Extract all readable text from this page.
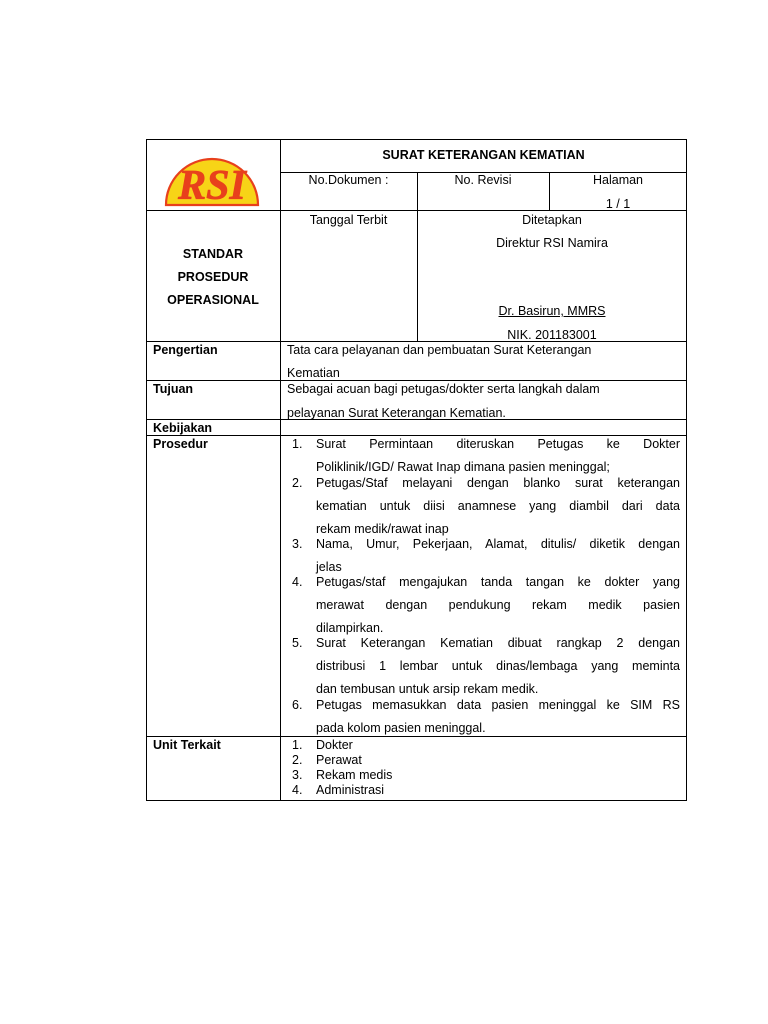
RSI
SURAT KETERANGAN KEMATIAN
No.Dokumen :	No. Revisi	Halaman
1 / 1
STANDAR
PROSEDUR
OPERASIONAL
Tanggal Terbit	Ditetapkan
Direktur RSI Namira
Dr. Basirun, MMRS
NIK. 201183001
Pengertian	Tata cara pelayanan dan pembuatan Surat Keterangan
Kematian
Tujuan	Sebagai acuan bagi petugas/dokter serta langkah dalam
pelayanan Surat Keterangan Kematian.
Kebijakan
Prosedur	1. Surat Permintaan diteruskan Petugas ke Dokter
Poliklinik/IGD/ Rawat Inap dimana pasien meninggal;
2. Petugas/Staf melayani dengan blanko surat keterangan
kematian untuk diisi anamnese yang diambil dari data
rekam medik/rawat inap
3. Nama, Umur, Pekerjaan, Alamat, ditulis/ diketik dengan
jelas
4. Petugas/staf mengajukan tanda tangan ke dokter yang
merawat dengan pendukung rekam medik pasien
dilampirkan.
5. Surat Keterangan Kematian dibuat rangkap 2 dengan
distribusi 1 lembar untuk dinas/lembaga yang meminta
dan tembusan untuk arsip rekam medik.
6. Petugas memasukkan data pasien meninggal ke SIM RS
pada kolom pasien meninggal.
Unit Terkait	1. Dokter
2. Perawat
3. Rekam medis
4. Administrasi
